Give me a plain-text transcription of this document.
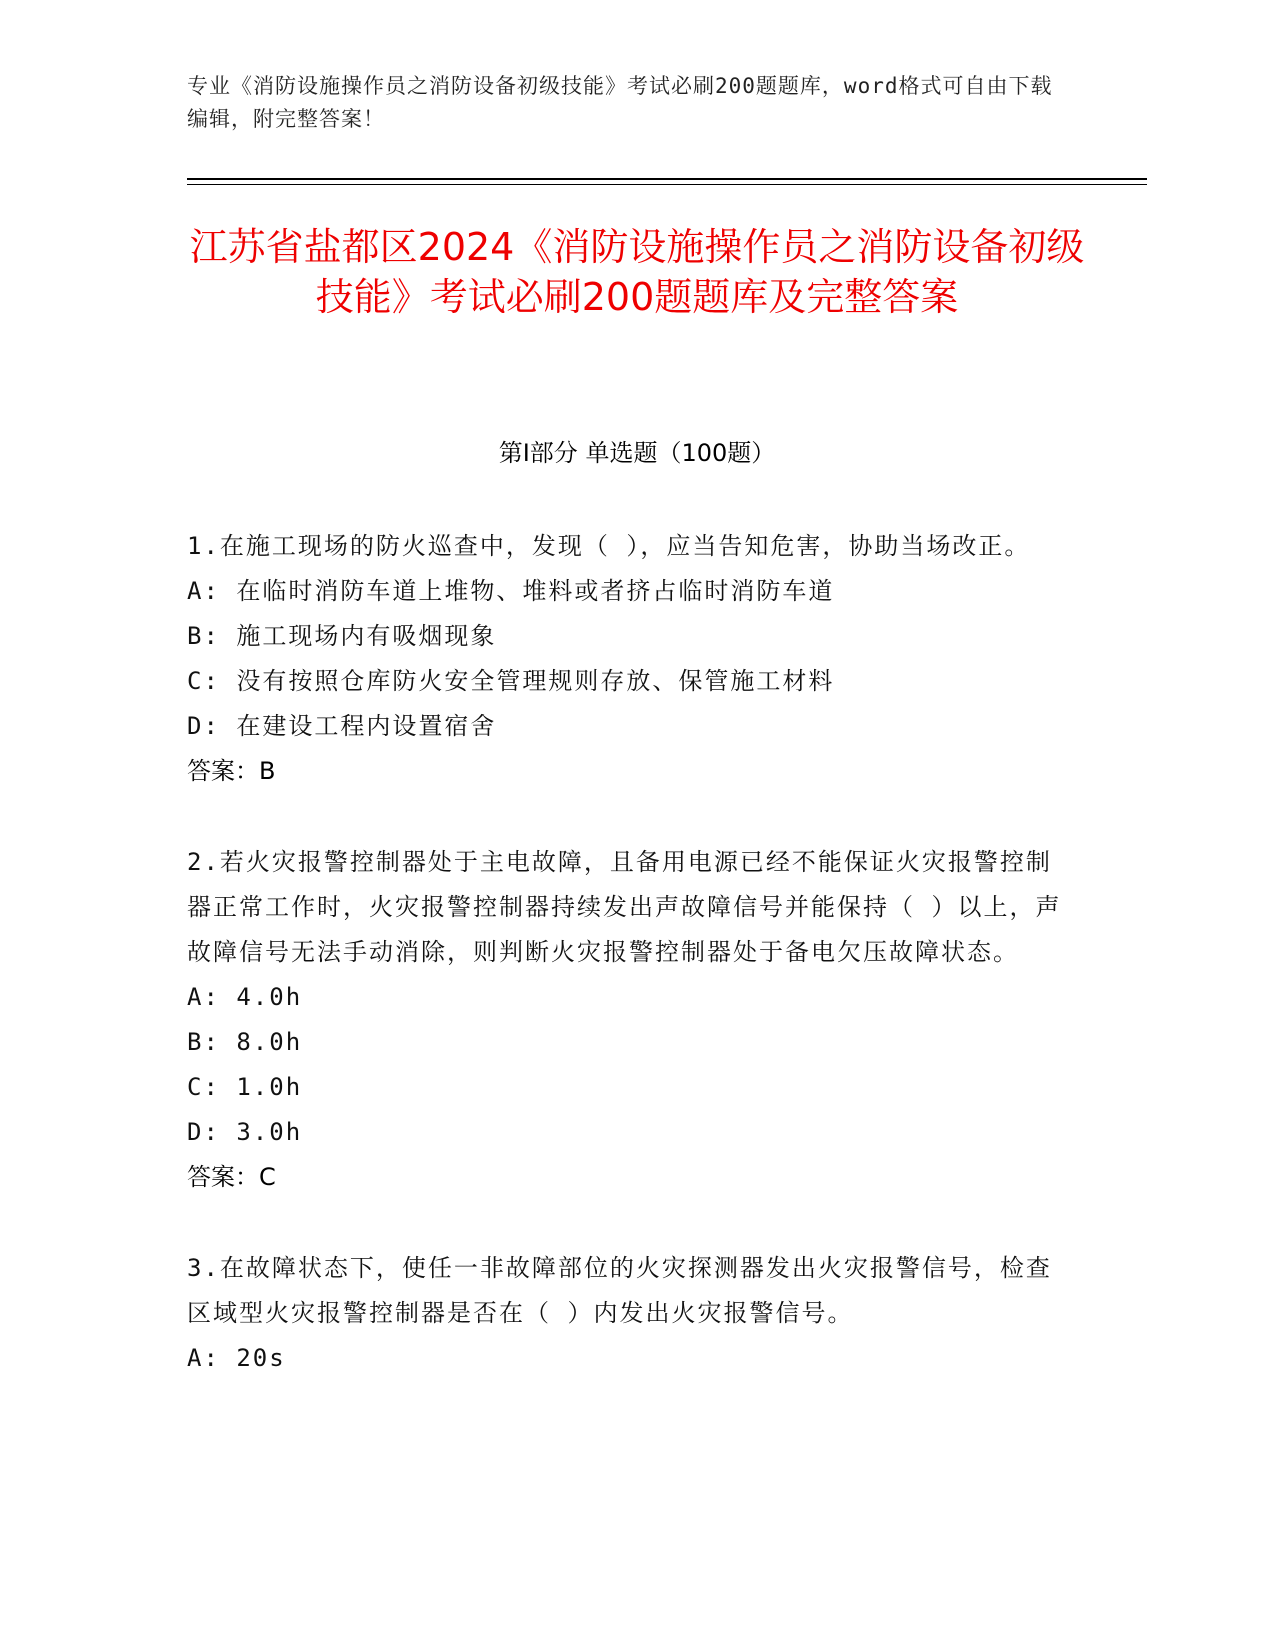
专业《消防设施操作员之消防设备初级技能》考试必刷200题题库，word格式可自由下载编辑，附完整答案！

江苏省盐都区2024《消防设施操作员之消防设备初级技能》考试必刷200题题库及完整答案
第Ⅰ部分 单选题（100题）

1.在施工现场的防火巡查中，发现（ ），应当告知危害，协助当场改正。

A: 在临时消防车道上堆物、堆料或者挤占临时消防车道

B: 施工现场内有吸烟现象

C: 没有按照仓库防火安全管理规则存放、保管施工材料

D: 在建设工程内设置宿舍

答案：B

2.若火灾报警控制器处于主电故障，且备用电源已经不能保证火灾报警控制器正常工作时，火灾报警控制器持续发出声故障信号并能保持（ ）以上，声故障信号无法手动消除，则判断火灾报警控制器处于备电欠压故障状态。

A: 4.0h

B: 8.0h

C: 1.0h

D: 3.0h

答案：C

3.在故障状态下，使任一非故障部位的火灾探测器发出火灾报警信号，检查区域型火灾报警控制器是否在（ ）内发出火灾报警信号。

A: 20s
